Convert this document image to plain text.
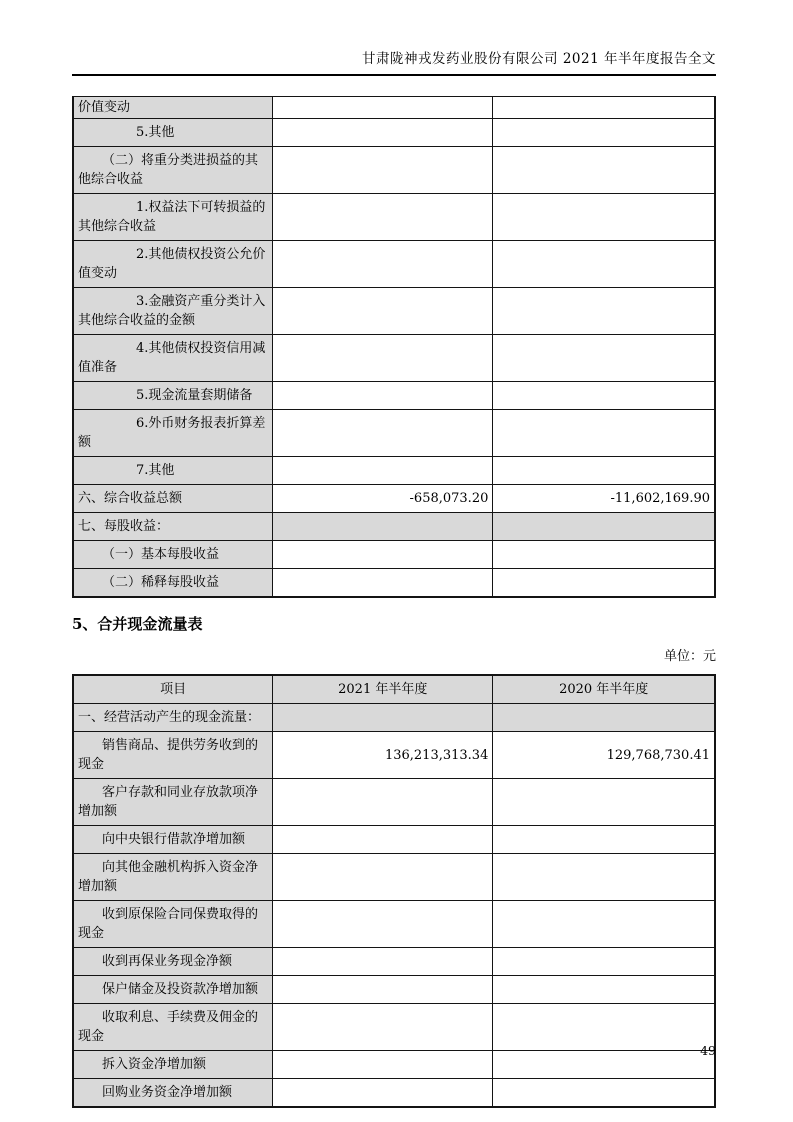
甘肃陇神戎发药业股份有限公司 2021 年半年度报告全文
价值变动		
5.其他		
（二）将重分类进损益的其他综合收益		
1.权益法下可转损益的其他综合收益		
2.其他债权投资公允价值变动		
3.金融资产重分类计入其他综合收益的金额		
4.其他债权投资信用减值准备		
5.现金流量套期储备		
6.外币财务报表折算差额		
7.其他		
六、综合收益总额	-658,073.20	-11,602,169.90
七、每股收益：		
（一）基本每股收益		
（二）稀释每股收益		
5、合并现金流量表
单位：元
项目	2021 年半年度	2020 年半年度
一、经营活动产生的现金流量：		
销售商品、提供劳务收到的现金	136,213,313.34	129,768,730.41
客户存款和同业存放款项净增加额		
向中央银行借款净增加额		
向其他金融机构拆入资金净增加额		
收到原保险合同保费取得的现金		
收到再保业务现金净额		
保户储金及投资款净增加额		
收取利息、手续费及佣金的现金		
拆入资金净增加额		
回购业务资金净增加额		
49
